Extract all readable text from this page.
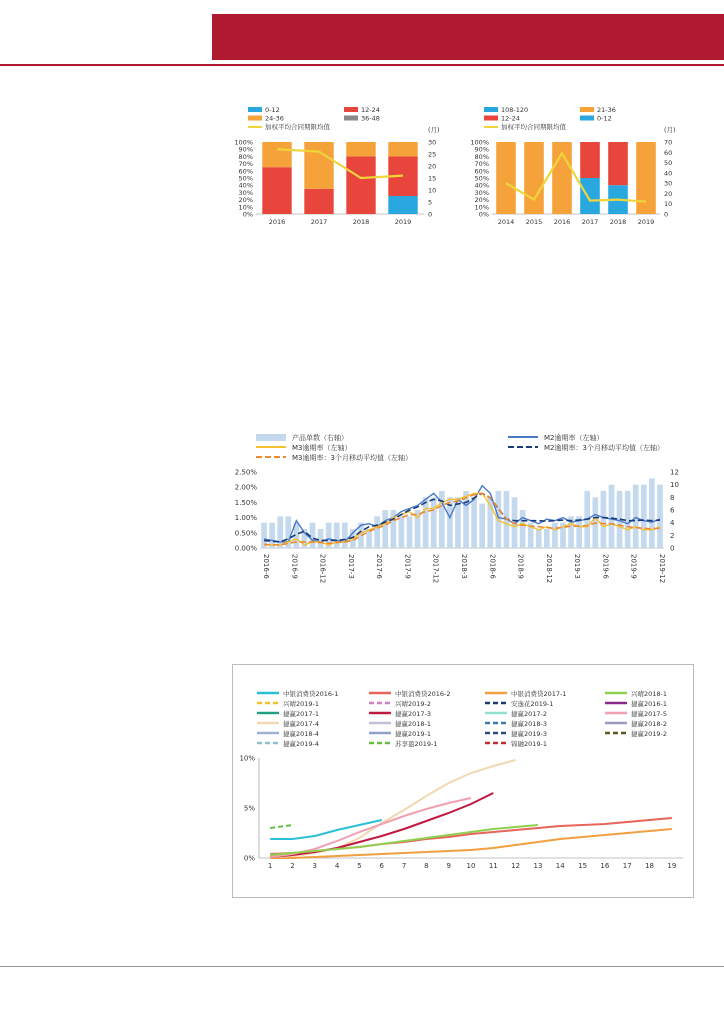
0-12	12-24
24-36	36-48
加权平均合同期限均值	(月)
0%
10%
20%
30%
40%
50%
60%
70%
80%
90%
100%
0
5
10
15
20
25
30
2016	2017	2018	2019
108-120	21-36
12-24	0-12
加权平均合同期限均值	(月)
0%
10%
20%
30%
40%
50%
60%
70%
80%
90%
100%
0
10
20
30
40
50
60
70
2014 2015 2016 2017 2018 2019
产品单数（右轴）	M2逾期率（左轴）
M3逾期率（左轴）	M2逾期率：3个月移动平均值（左轴）
M3逾期率：3个月移动平均值（左轴）
0.00%
0.50%
1.00%
1.50%
2.00%
2.50%
0
2
4
6
8
10
12
2016-6	2016-9	2016-12	2017-3	2017-6	2017-9	2017-12	2018-3	2018-6	2018-9	2018-12	2019-3	2019-6	2019-9	2019-12
中银消费贷2016-1	中银消费贷2016-2	中银消费贷2017-1	兴晴2018-1
兴晴2019-1	兴晴2019-2	安逸花2019-1	捷赢2016-1
捷赢2017-1	捷赢2017-3	捷赢2017-2	捷赢2017-5
捷赢2017-4	捷赢2018-1	捷赢2018-3	捷赢2018-2
捷赢2018-4	捷赢2019-1	捷赢2019-3	捷赢2019-2
捷赢2019-4	苏享盈2019-1	锦融2019-1
0%
5%
10%
1	2	3	4	5	6	7	8	9 10 11 12 13 14 15 16 17 18 19
